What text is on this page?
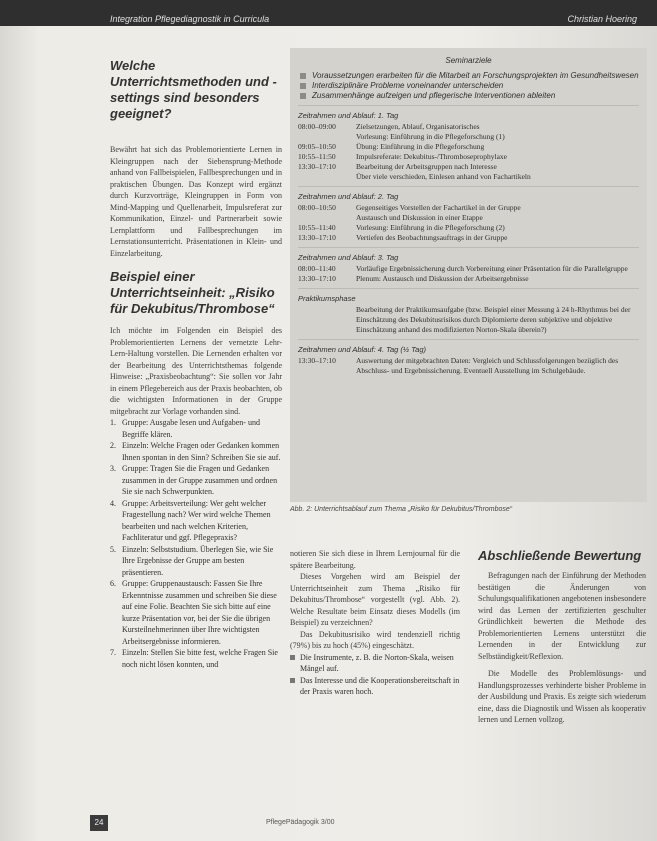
Integration Pflegediagnostik in Curricula	Christian Hoering
Welche Unterrichtsmethoden und -settings sind besonders geeignet?

Bewährt hat sich das Problemorientierte Lernen in Kleingruppen nach der Siebensprung-Methode anhand von Fallbeispielen, Fallbesprechungen und in praktischen Übungen. Das Konzept wird ergänzt durch Kurzvorträge, Kleingruppen in Form von Mind-Mapping und Quellenarbeit, Impulsreferat zur Kommunikation, Einzel- und Partnerarbeit sowie Lernplattform und Fallbesprechungen im Lernstationsunterricht. Präsentationen in Klein- und Einzelarbeitung.

Beispiel einer Unterrichtseinheit: „Risiko für Dekubitus/Thrombose“

Ich möchte im Folgenden ein Beispiel des Problemorientierten Lernens der vernetzte Lehr-Lern-Haltung vorstellen. Die Lernenden erhalten vor der Bearbeitung des Unterrichtsthemas folgende Hinweise: „Praxisbeobachtung“: Sie sollen vor Jahr in einem Pflegebereich aus der Praxis beobachten, ob die wichtigsten Informationen in der Gruppe mitgebracht zur Vorlage vorhanden sind.

1. Gruppe: Ausgabe lesen und Aufgaben- und Begriffe klären.

2. Einzeln: Welche Fragen oder Gedanken kommen Ihnen spontan in den Sinn? Schreiben Sie sie auf.

3. Gruppe: Tragen Sie die Fragen und Gedanken zusammen in der Gruppe zusammen und ordnen Sie sie nach Schwerpunkten.

4. Gruppe: Arbeitsverteilung: Wer geht welcher Fragestellung nach? Wer wird welche Themen bearbeiten und nach welchen Kriterien, Fachliteratur und ggf. Pflegepraxis?

5. Einzeln: Selbststudium. Überlegen Sie, wie Sie Ihre Ergebnisse der Gruppe am besten präsentieren.

6. Gruppe: Gruppenaustausch: Fassen Sie Ihre Erkenntnisse zusammen und schreiben Sie diese auf eine Folie. Beachten Sie sich bitte auf eine kurze Präsentation vor, bei der Sie die übrigen Kursteilnehmerinnen über Ihre wichtigsten Arbeitsergebnisse informieren.

7. Einzeln: Stellen Sie bitte fest, welche Fragen Sie noch nicht lösen konnten, und

Seminarziele

Voraussetzungen erarbeiten für die Mitarbeit an Forschungsprojekten im Gesundheitswesen

Interdisziplinäre Probleme voneinander unterscheiden

Zusammenhänge aufzeigen und pflegerische Interventionen ableiten

Zeitrahmen und Ablauf: 1. Tag
08:00–09:00	Zielsetzungen, Ablauf, Organisatorisches
Vorlesung: Einführung in die Pflegeforschung (1)
09:05–10:50	Übung: Einführung in die Pflegeforschung
10:55–11:50	Impulsreferate: Dekubitus-/Thromboseprophylaxe
13:30–17:10	Bearbeitung der Arbeitsgruppen nach Interesse
Über viele verschieden, Einlesen anhand von Fachartikeln
Zeitrahmen und Ablauf: 2. Tag
08:00–10:50	Gegenseitiges Vorstellen der Fachartikel in der Gruppe
Austausch und Diskussion in einer Etappe
10:55–11:40	Vorlesung: Einführung in die Pflegeforschung (2)
13:30–17:10	Vertiefen des Beobachtungsauftrags in der Gruppe
Zeitrahmen und Ablauf: 3. Tag
08:00–11:40	Vorläufige Ergebnissicherung durch Vorbereitung einer Präsentation für die Parallelgruppe
13:30–17:10	Plenum: Austausch und Diskussion der Arbeitsergebnisse
Praktikumsphase
Bearbeitung der Praktikumsaufgabe (bzw. Beispiel einer Messung à 24 h-Rhythmus bei der Einschätzung des Dekubitusrisikos durch Diplomierte deren subjektive und objektive Einschätzung anhand des modifizierten Norton-Skala überein?)
Zeitrahmen und Ablauf: 4. Tag (½ Tag)
13:30–17:10	Auswertung der mitgebrachten Daten: Vergleich und Schlussfolgerungen bezüglich des Abschluss- und Ergebnissicherung. Eventuell Ausstellung im Schulgebäude.
Abb. 2: Unterrichtsablauf zum Thema „Risiko für Dekubitus/Thrombose“

notieren Sie sich diese in Ihrem Lernjournal für die spätere Bearbeitung.

Dieses Vorgehen wird am Beispiel der Unterrichtseinheit zum Thema „Risiko für Dekubitus/Thrombose“ vorgestellt (vgl. Abb. 2). Welche Resultate beim Einsatz dieses Modells (im Beispiel) zu verzeichnen?

Das Dekubitusrisiko wird tendenziell richtig (79%) bis zu hoch (45%) eingeschätzt.

Die Instrumente, z. B. die Norton-Skala, weisen Mängel auf.

Das Interesse und die Kooperationsbereitschaft in der Praxis waren hoch.

Abschließende Bewertung

Befragungen nach der Einführung der Methoden bestätigen die Änderungen von Schulungsqualifikationen angebotenen insbesondere wird das Lernen der zertifizierten geschulter Gründlichkeit bewerten die Methode des Problemorientierten Lernens unterstützt die Lernenden in der Entwicklung zur Selbständigkeit/Reflexion.

Die Modelle des Problemlösungs- und Handlungsprozesses verhinderte bisher Probleme in der Ausbildung und Praxis. Es zeigte sich wiederum eine, dass die Diagnostik und Wissen als kooperativ lernen und Lernen vollzog.

24	PflegePädagogik 3/00
